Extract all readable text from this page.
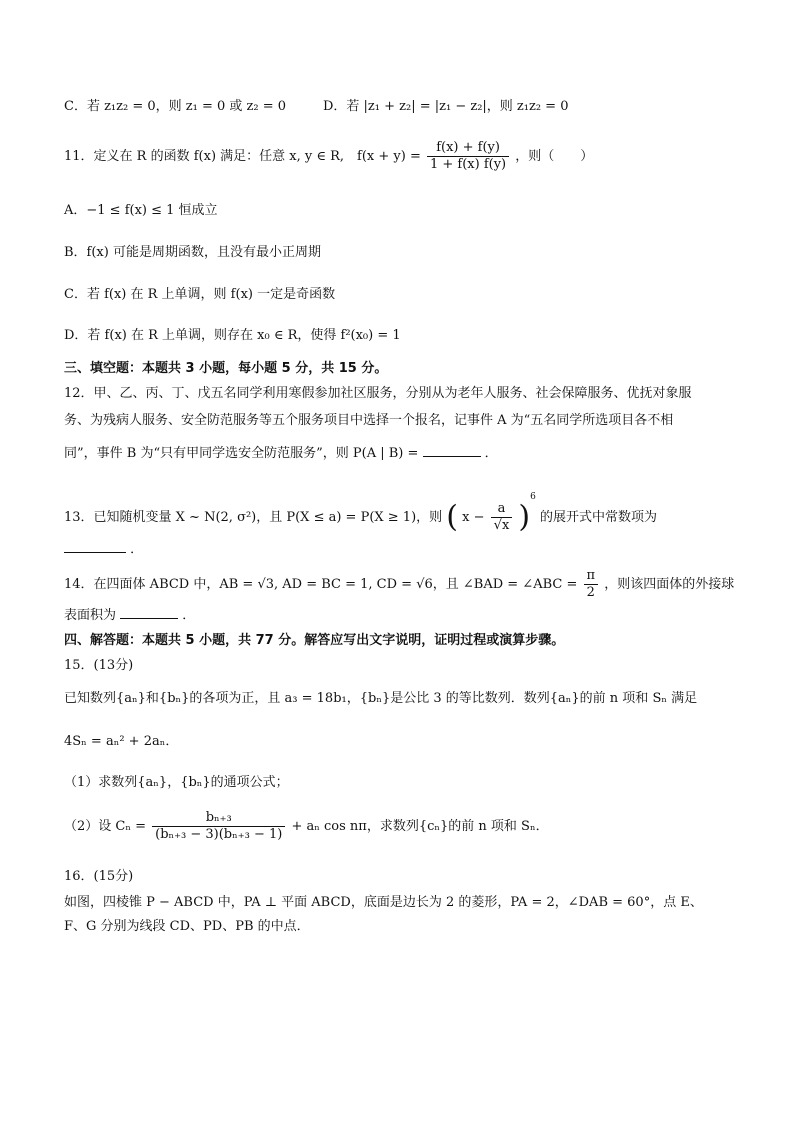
C．若 z₁z₂ = 0，则 z₁ = 0 或 z₂ = 0	D．若 |z₁ + z₂| = |z₁ − z₂|，则 z₁z₂ = 0
11．定义在 R 的函数 f(x) 满足：任意 x, y ∈ R,　$f(x + y) = \frac{f(x) + f(y)}{1 + f(x) f(y)}$ ，则（　　）
A．−1 ≤ f(x) ≤ 1 恒成立
B．f(x) 可能是周期函数，且没有最小正周期
C．若 f(x) 在 R 上单调，则 f(x) 一定是奇函数
D．若 f(x) 在 R 上单调，则存在 x₀ ∈ R，使得 f²(x₀) = 1
三、填空题：本题共 3 小题，每小题 5 分，共 15 分。
12．甲、乙、丙、丁、戊五名同学利用寒假参加社区服务，分别从为老年人服务、社会保障服务、优抚对象服
务、为残病人服务、安全防范服务等五个服务项目中选择一个报名，记事件 A 为“五名同学所选项目各不相
同”，事件 B 为“只有甲同学选安全防范服务”，则 P(A | B) =	．
13．已知随机变量 X ~ N(2, σ²)，且 P(X ≤ a) = P(X ≥ 1)，则 ( $x - \frac{a}{√x} )^6$ 的展开式中常数项为
．
14．在四面体 ABCD 中，AB = √3, AD = BC = 1, CD = √6，且 ∠BAD = ∠ABC = $\frac{\pi}{2}$ ，则该四面体的外接球
表面积为	．
四、解答题：本题共 5 小题，共 77 分。解答应写出文字说明，证明过程或演算步骤。
15．(13分)
已知数列{aₙ}和{bₙ}的各项为正，且 a₃ = 18b₁，{bₙ}是公比 3 的等比数列．数列{aₙ}的前 n 项和 Sₙ 满足
4Sₙ = aₙ² + 2aₙ．
（1）求数列{aₙ}，{bₙ}的通项公式；
（2）设 $C_n = \frac{\text{bₙ₊₃}}{\text{(bₙ₊₃ − 3)(bₙ₊₃ − 1)}} + a_n$ cos nπ，求数列{cₙ}的前 n 项和 Sₙ．
16．(15分)
如图，四棱锥 P − ABCD 中，PA ⊥ 平面 ABCD，底面是边长为 2 的菱形，PA = 2，∠DAB = 60°，点 E、
F、G 分别为线段 CD、PD、PB 的中点．
